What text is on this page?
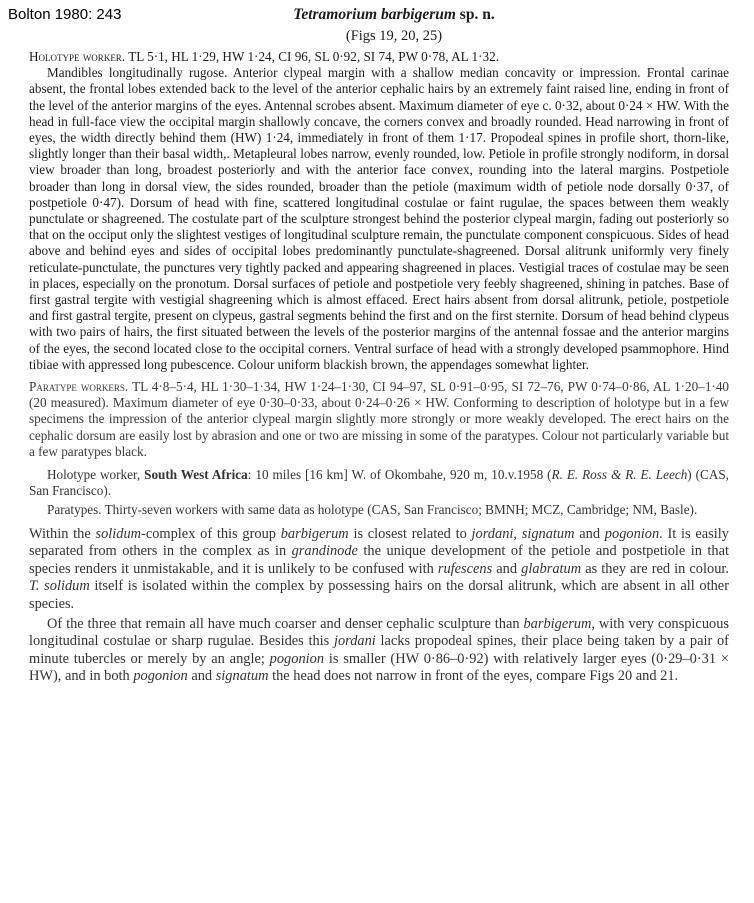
Bolton 1980: 243	Tetramorium barbigerum sp. n.
(Figs 19, 20, 25)

Holotype worker. TL 5·1, HL 1·29, HW 1·24, CI 96, SL 0·92, SI 74, PW 0·78, AL 1·32.

Mandibles longitudinally rugose. Anterior clypeal margin with a shallow median concavity or impression. Frontal carinae absent, the frontal lobes extended back to the level of the anterior cephalic hairs by an extremely faint raised line, ending in front of the level of the anterior margins of the eyes. Antennal scrobes absent. Maximum diameter of eye c. 0·32, about 0·24 × HW. With the head in full-face view the occipital margin shallowly concave, the corners convex and broadly rounded. Head narrowing in front of eyes, the width directly behind them (HW) 1·24, immediately in front of them 1·17. Propodeal spines in profile short, thorn-like, slightly longer than their basal width,. Metapleural lobes narrow, evenly rounded, low. Petiole in profile strongly nodiform, in dorsal view broader than long, broadest posteriorly and with the anterior face convex, rounding into the lateral margins. Postpetiole broader than long in dorsal view, the sides rounded, broader than the petiole (maximum width of petiole node dorsally 0·37, of postpetiole 0·47). Dorsum of head with fine, scattered longitudinal costulae or faint rugulae, the spaces between them weakly punctulate or shagreened. The costulate part of the sculpture strongest behind the posterior clypeal margin, fading out posteriorly so that on the occiput only the slightest vestiges of longitudinal sculpture remain, the punctulate component conspicuous. Sides of head above and behind eyes and sides of occipital lobes predominantly punctulate-shagreened. Dorsal alitrunk uniformly very finely reticulate-punctulate, the punctures very tightly packed and appearing shagreened in places. Vestigial traces of costulae may be seen in places, especially on the pronotum. Dorsal surfaces of petiole and postpetiole very feebly shagreened, shining in patches. Base of first gastral tergite with vestigial shagreening which is almost effaced. Erect hairs absent from dorsal alitrunk, petiole, postpetiole and first gastral tergite, present on clypeus, gastral segments behind the first and on the first sternite. Dorsum of head behind clypeus with two pairs of hairs, the first situated between the levels of the posterior margins of the antennal fossae and the anterior margins of the eyes, the second located close to the occipital corners. Ventral surface of head with a strongly developed psammophore. Hind tibiae with appressed long pubescence. Colour uniform blackish brown, the appendages somewhat lighter.

Paratype workers. TL 4·8–5·4, HL 1·30–1·34, HW 1·24–1·30, CI 94–97, SL 0·91–0·95, SI 72–76, PW 0·74–0·86, AL 1·20–1·40 (20 measured). Maximum diameter of eye 0·30–0·33, about 0·24–0·26 × HW. Conforming to description of holotype but in a few specimens the impression of the anterior clypeal margin slightly more strongly or more weakly developed. The erect hairs on the cephalic dorsum are easily lost by abrasion and one or two are missing in some of the paratypes. Colour not particularly variable but a few paratypes black.

Holotype worker, South West Africa: 10 miles [16 km] W. of Okombahe, 920 m, 10.v.1958 (R. E. Ross & R. E. Leech) (CAS, San Francisco).

Paratypes. Thirty-seven workers with same data as holotype (CAS, San Francisco; BMNH; MCZ, Cambridge; NM, Basle).

Within the solidum-complex of this group barbigerum is closest related to jordani, signatum and pogonion. It is easily separated from others in the complex as in grandinode the unique development of the petiole and postpetiole in that species renders it unmistakable, and it is unlikely to be confused with rufescens and glabratum as they are red in colour. T. solidum itself is isolated within the complex by possessing hairs on the dorsal alitrunk, which are absent in all other species.

Of the three that remain all have much coarser and denser cephalic sculpture than barbigerum, with very conspicuous longitudinal costulae or sharp rugulae. Besides this jordani lacks propodeal spines, their place being taken by a pair of minute tubercles or merely by an angle; pogonion is smaller (HW 0·86–0·92) with relatively larger eyes (0·29–0·31 × HW), and in both pogonion and signatum the head does not narrow in front of the eyes, compare Figs 20 and 21.
